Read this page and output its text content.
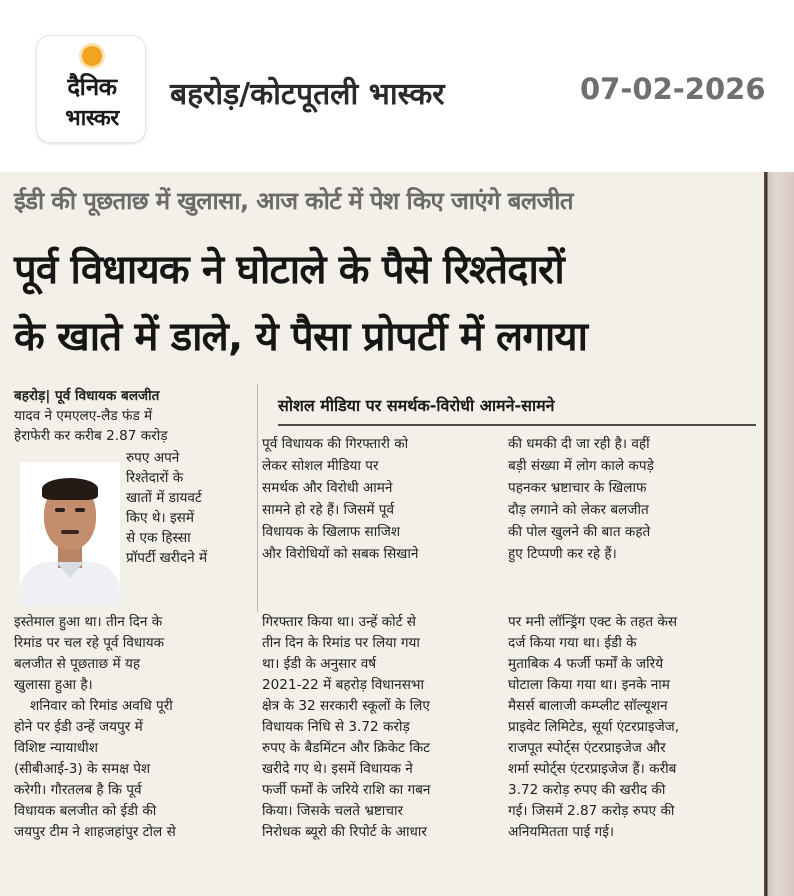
दैनिक
भास्कर
बहरोड़/कोटपूतली भास्कर	07-02-2026
ईडी की पूछताछ में खुलासा, आज कोर्ट में पेश किए जाएंगे बलजीत
पूर्व विधायक ने घोटाले के पैसे रिश्तेदारों
के खाते में डाले, ये पैसा प्रोपर्टी में लगाया
सोशल मीडिया पर समर्थक-विरोधी आमने-सामने
बहरोड़| पूर्व विधायक बलजीत
यादव ने एमएलए-लैड फंड में
हेराफेरी कर करीब 2.87 करोड़
रुपए अपने
रिश्तेदारों के
खातों में डायवर्ट
किए थे। इसमें
से एक हिस्सा
प्रॉपर्टी खरीदने में
पूर्व विधायक की गिरफ्तारी को
लेकर सोशल मीडिया पर
समर्थक और विरोधी आमने
सामने हो रहे हैं। जिसमें पूर्व
विधायक के खिलाफ साजिश
और विरोधियों को सबक सिखाने
की धमकी दी जा रही है। वहीं
बड़ी संख्या में लोग काले कपड़े
पहनकर भ्रष्टाचार के खिलाफ
दौड़ लगाने को लेकर बलजीत
की पोल खुलने की बात कहते
हुए टिप्पणी कर रहे हैं।
इस्तेमाल हुआ था। तीन दिन के
रिमांड पर चल रहे पूर्व विधायक
बलजीत से पूछताछ में यह
खुलासा हुआ है।
शनिवार को रिमांड अवधि पूरी
होने पर ईडी उन्हें जयपुर में
विशिष्ट न्यायाधीश
(सीबीआई-3) के समक्ष पेश
करेगी। गौरतलब है कि पूर्व
विधायक बलजीत को ईडी की
जयपुर टीम ने शाहजहांपुर टोल से
गिरफ्तार किया था। उन्हें कोर्ट से
तीन दिन के रिमांड पर लिया गया
था। ईडी के अनुसार वर्ष
2021-22 में बहरोड़ विधानसभा
क्षेत्र के 32 सरकारी स्कूलों के लिए
विधायक निधि से 3.72 करोड़
रुपए के बैडमिंटन और क्रिकेट किट
खरीदे गए थे। इसमें विधायक ने
फर्जी फर्मों के जरिये राशि का गबन
किया। जिसके चलते भ्रष्टाचार
निरोधक ब्यूरो की रिपोर्ट के आधार
पर मनी लॉन्ड्रिंग एक्ट के तहत केस
दर्ज किया गया था। ईडी के
मुताबिक 4 फर्जी फर्मों के जरिये
घोटाला किया गया था। इनके नाम
मैसर्स बालाजी कम्प्लीट सॉल्यूशन
प्राइवेट लिमिटेड, सूर्या एंटरप्राइजेज,
राजपूत स्पोर्ट्स एंटरप्राइजेज और
शर्मा स्पोर्ट्स एंटरप्राइजेज हैं। करीब
3.72 करोड़ रुपए की खरीद की
गई। जिसमें 2.87 करोड़ रुपए की
अनियमितता पाई गई।
